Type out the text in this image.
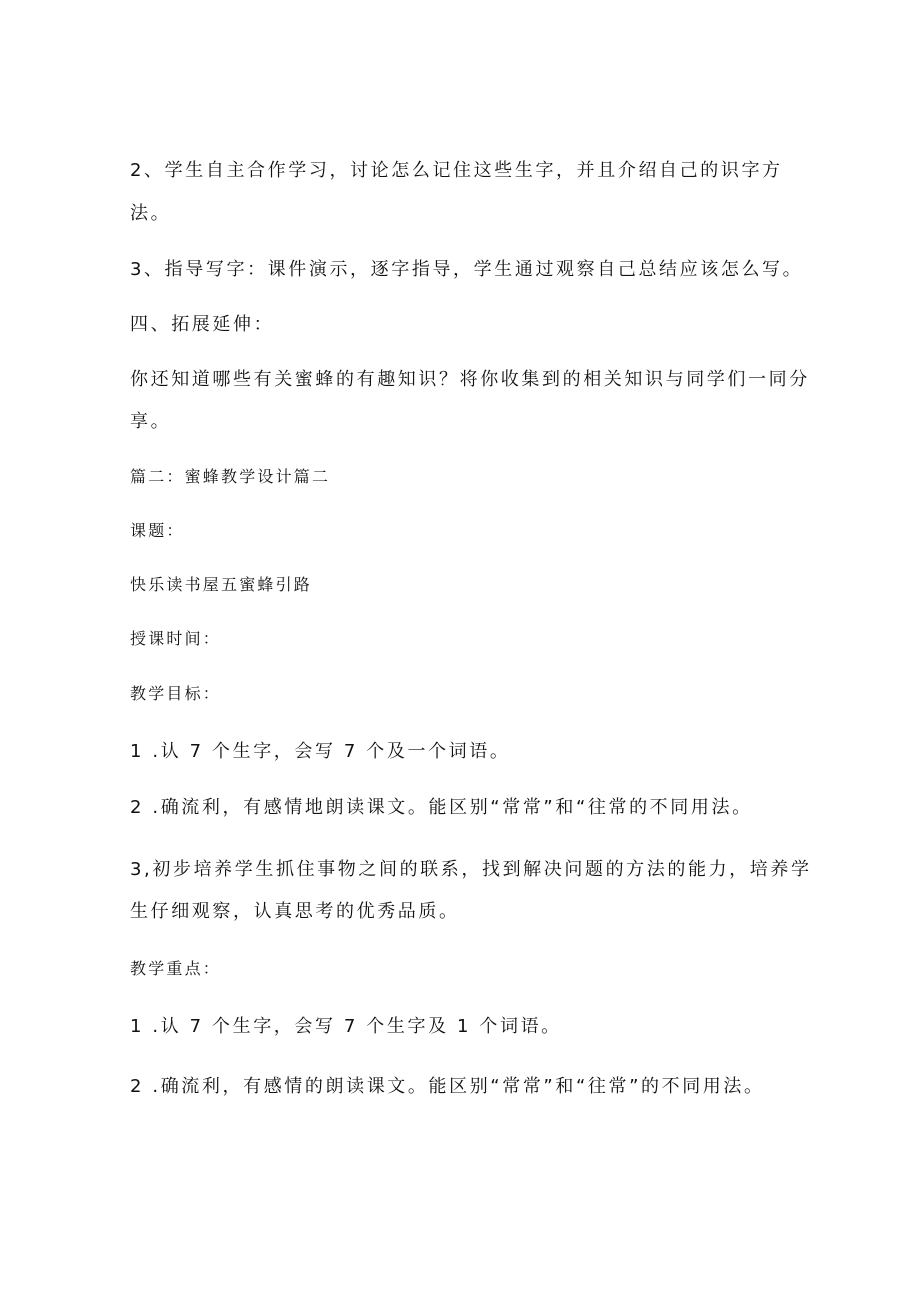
2、学生自主合作学习，讨论怎么记住这些生字，并且介绍自己的识字方

法。

3、指导写字：课件演示，逐字指导，学生通过观察自己总结应该怎么写。

四、拓展延伸：

你还知道哪些有关蜜蜂的有趣知识？将你收集到的相关知识与同学们一同分

享。

篇二：蜜蜂教学设计篇二

课题：

快乐读书屋五蜜蜂引路

授课时间：

教学目标：

1 .认 7 个生字，会写 7 个及一个词语。

2 .确流利，有感情地朗读课文。能区别“常常”和“往常的不同用法。

3,初步培养学生抓住事物之间的联系，找到解决问题的方法的能力，培养学

生仔细观察，认真思考的优秀品质。

教学重点：

1 .认 7 个生字，会写 7 个生字及 1 个词语。

2 .确流利，有感情的朗读课文。能区别“常常”和“往常”的不同用法。
